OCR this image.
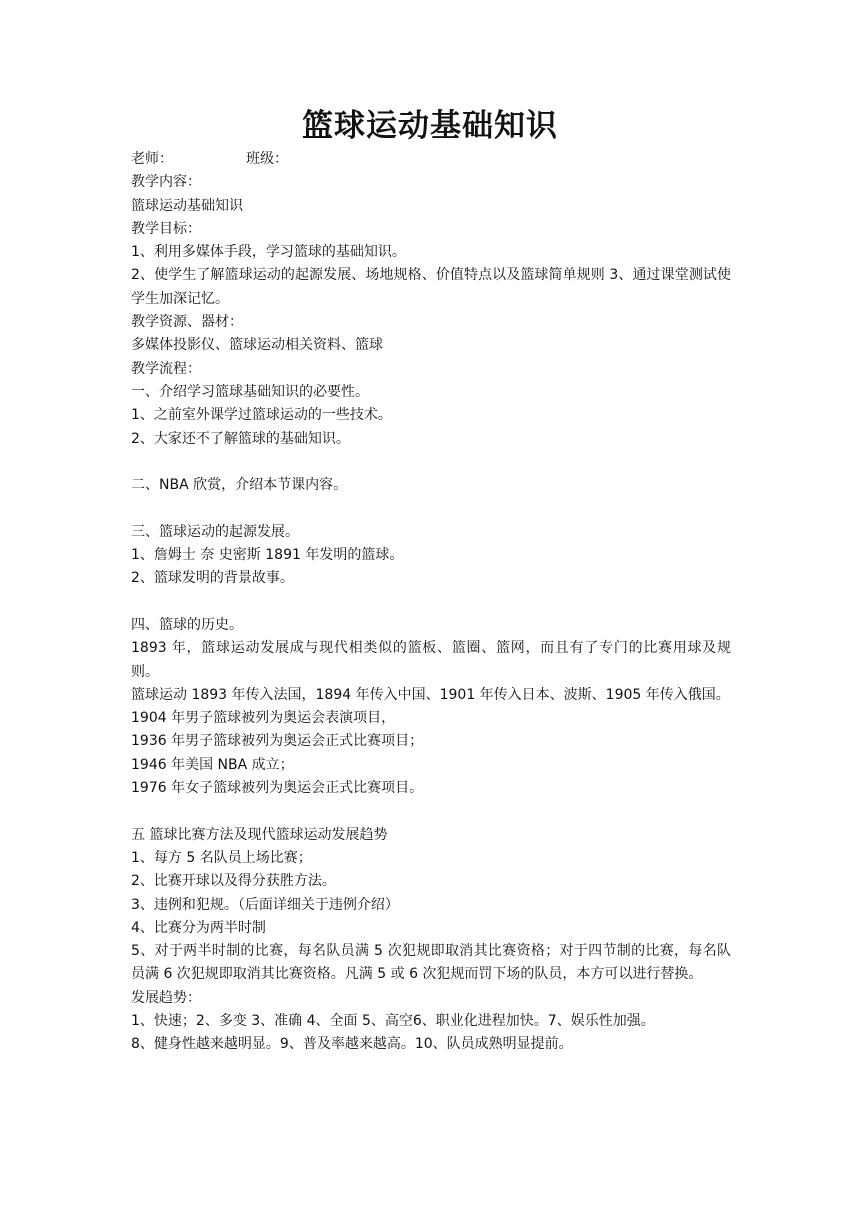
篮球运动基础知识

老师：	班级：

教学内容：

篮球运动基础知识

教学目标：

1、利用多媒体手段，学习篮球的基础知识。

2、使学生了解篮球运动的起源发展、场地规格、价值特点以及篮球简单规则 3、通过课堂测试使学生加深记忆。

教学资源、器材：

多媒体投影仪、篮球运动相关资料、篮球

教学流程：

一、介绍学习篮球基础知识的必要性。

1、之前室外课学过篮球运动的一些技术。

2、大家还不了解篮球的基础知识。

二、NBA 欣赏，介绍本节课内容。

三、篮球运动的起源发展。

1、詹姆士 奈 史密斯 1891 年发明的篮球。

2、篮球发明的背景故事。

四、篮球的历史。

1893 年，篮球运动发展成与现代相类似的篮板、篮圈、篮网，而且有了专门的比赛用球及规则。

篮球运动 1893 年传入法国，1894 年传入中国、1901 年传入日本、波斯、1905 年传入俄国。

1904 年男子篮球被列为奥运会表演项目，

1936 年男子篮球被列为奥运会正式比赛项目；

1946 年美国 NBA 成立；

1976 年女子篮球被列为奥运会正式比赛项目。

五 篮球比赛方法及现代篮球运动发展趋势

1、每方 5 名队员上场比赛；

2、比赛开球以及得分获胜方法。

3、违例和犯规。（后面详细关于违例介绍）

4、比赛分为两半时制

5、对于两半时制的比赛，每名队员满 5 次犯规即取消其比赛资格；对于四节制的比赛，每名队员满 6 次犯规即取消其比赛资格。凡满 5 或 6 次犯规而罚下场的队员，本方可以进行替换。

发展趋势：

1、快速；2、多变 3、准确 4、全面 5、高空6、职业化进程加快。7、娱乐性加强。

8、健身性越来越明显。9、普及率越来越高。10、队员成熟明显提前。
